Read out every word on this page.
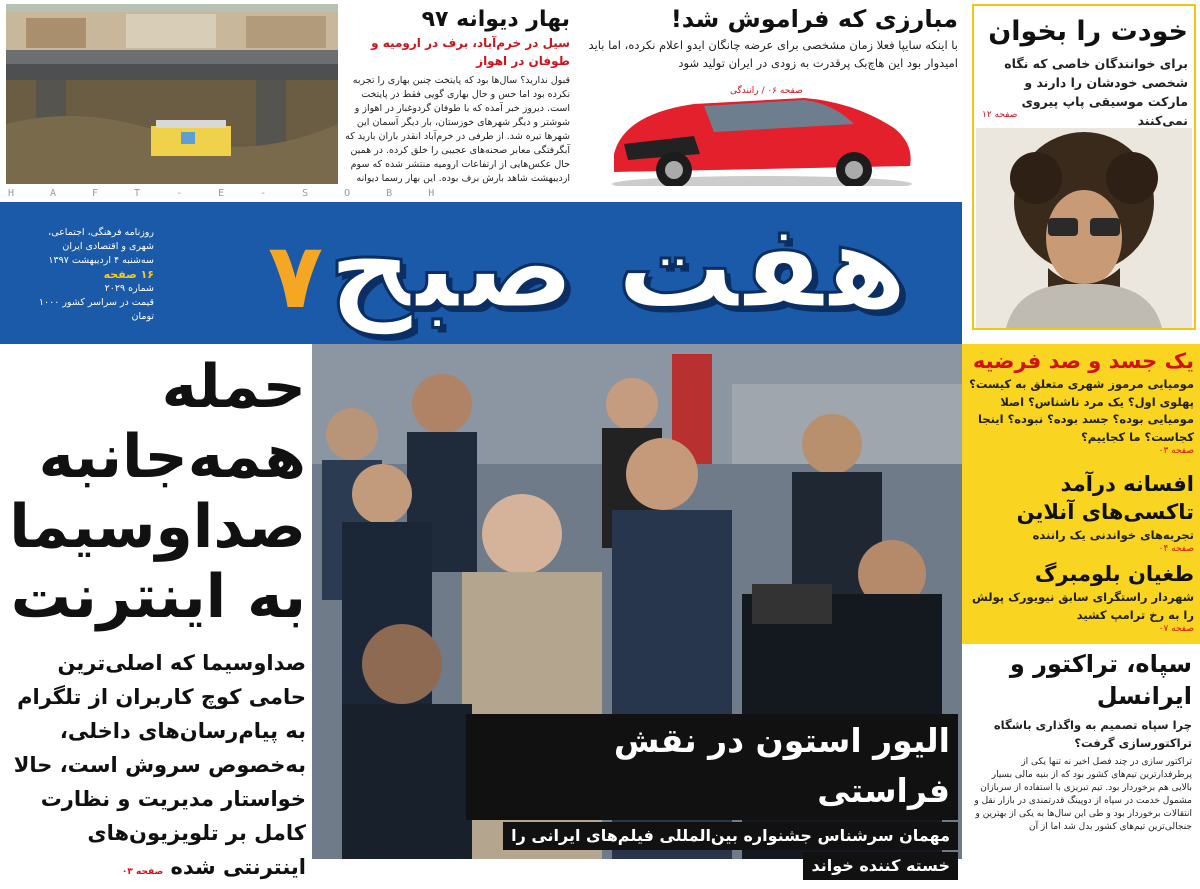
بهار دیوانه ۹۷
سیل در خرم‌آباد، برف در ارومیه و طوفان در اهواز
قبول ندارید؟ سال‌ها بود که پایتخت چنین بهاری را تجربه نکرده بود اما حس و حال بهاری گویی فقط در پایتخت است. دیروز خبر آمده که با طوفان گردوغبار در اهواز و شوشتر و دیگر شهرهای خوزستان، بار دیگر آسمان این شهرها تیره شد. از طرفی در خرم‌آباد انقدر باران بارید که آبگرفتگی معابر صحنه‌های عجیبی را خلق کرده. در همین حال عکس‌هایی از ارتفاعات ارومیه منتشر شده که سوم اردیبهشت شاهد بارش برف بوده. این بهار رسما دیوانه
مبارزی که فراموش شد!
با اینکه سایپا فعلا زمان مشخصی برای عرضه چانگان ایدو اعلام نکرده، اما باید امیدوار بود این هاچ‌بک پرقدرت به زودی در ایران تولید شود
صفحه ۰۶ / رانندگی
HAFT-E-SOBH
هفت صبح ۷
روزنامه فرهنگی، اجتماعی،
شهری و اقتصادی ایران
سه‌شنبه ۴ اردیبهشت ۱۳۹۷
۱۶ صفحه
شماره ۲۰۲۹
قیمت در سراسر کشور ۱۰۰۰ تومان
خودت را بخوان
برای خوانندگان خاصی که نگاه شخصی خودشان را دارند و مارکت موسیقی پاپ پیروی نمی‌کنند
صفحه ۱۲
یک جسد و صد فرضیه
مومیایی مرموز شهری متعلق به کیست؟ پهلوی اول؟ یک مرد ناشناس؟ اصلا مومیایی بوده؟ جسد بوده؟ نبوده؟ اینجا کجاست؟ ما کجاییم؟
صفحه ۰۳
افسانه درآمد تاکسی‌های آنلاین
تجربه‌های خواندنی یک راننده
صفحه ۰۴
طغیان بلومبرگ
شهردار راستگرای سابق نیویورک پولش را به رخ ترامپ کشید
صفحه ۰۷
سپاه، تراکتور و ایرانسل
چرا سپاه تصمیم به واگذاری باشگاه تراکتورسازی گرفت؟
تراکتور سازی در چند فصل اخیر نه تنها یکی از پرطرفدارترین تیم‌های کشور بود که از بنیه مالی بسیار بالایی هم برخوردار بود. تیم تبریزی با استفاده از سربازان مشمول خدمت در سپاه از دوپینگ قدرتمندی در بازار نقل و انتقالات برخوردار بود و طی این سال‌ها به یکی از بهترین و جنجالی‌ترین تیم‌های کشور بدل شد اما از آن
حمله
همه‌جانبه
صداوسیما
به اینترنت
صداوسیما که اصلی‌ترین حامی کوچ کاربران از تلگرام به پیام‌رسان‌های داخلی، به‌خصوص سروش است، حالا خواستار مدیریت و نظارت کامل بر تلویزیون‌های اینترنتی شده صفحه ۰۳
الیور استون در نقش فراستی
مهمان سرشناس جشنواره بین‌المللی فیلم‌های ایرانی را
خسته کننده خواند
